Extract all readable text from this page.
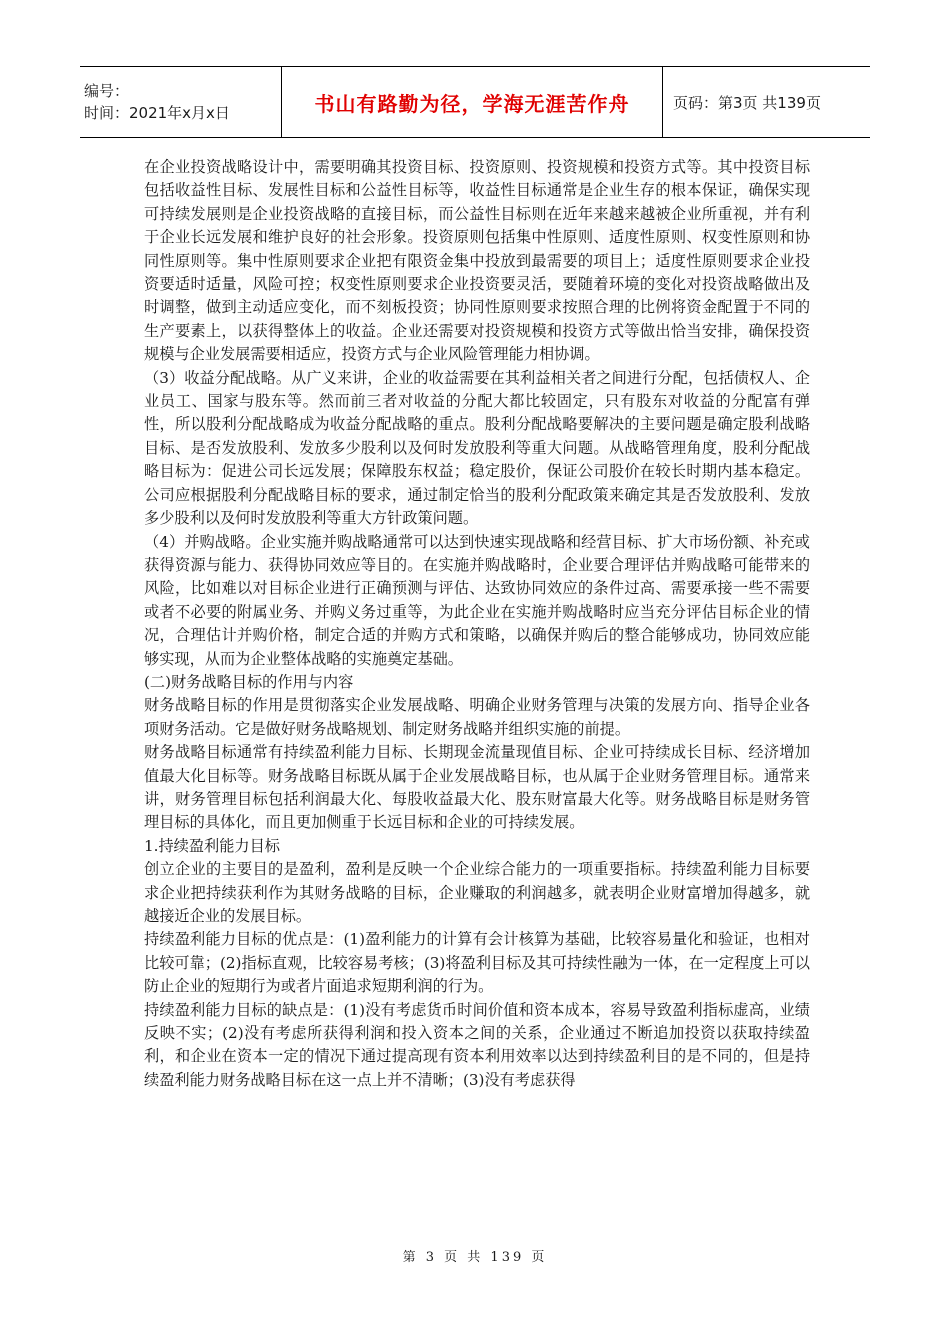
编号：
时间：2021年x月x日	书山有路勤为径，学海无涯苦作舟	页码：第3页 共139页

在企业投资战略设计中，需要明确其投资目标、投资原则、投资规模和投资方式等。其中投资目标包括收益性目标、发展性目标和公益性目标等，收益性目标通常是企业生存的根本保证，确保实现可持续发展则是企业投资战略的直接目标，而公益性目标则在近年来越来越被企业所重视，并有利于企业长远发展和维护良好的社会形象。投资原则包括集中性原则、适度性原则、权变性原则和协同性原则等。集中性原则要求企业把有限资金集中投放到最需要的项目上；适度性原则要求企业投资要适时适量，风险可控；权变性原则要求企业投资要灵活，要随着环境的变化对投资战略做出及时调整，做到主动适应变化，而不刻板投资；协同性原则要求按照合理的比例将资金配置于不同的生产要素上，以获得整体上的收益。企业还需要对投资规模和投资方式等做出恰当安排，确保投资规模与企业发展需要相适应，投资方式与企业风险管理能力相协调。

（3）收益分配战略。从广义来讲，企业的收益需要在其利益相关者之间进行分配，包括债权人、企业员工、国家与股东等。然而前三者对收益的分配大都比较固定，只有股东对收益的分配富有弹性，所以股利分配战略成为收益分配战略的重点。股利分配战略要解决的主要问题是确定股利战略目标、是否发放股利、发放多少股利以及何时发放股利等重大问题。从战略管理角度，股利分配战略目标为：促进公司长远发展；保障股东权益；稳定股价，保证公司股价在较长时期内基本稳定。公司应根据股利分配战略目标的要求，通过制定恰当的股利分配政策来确定其是否发放股利、发放多少股利以及何时发放股利等重大方针政策问题。

（4）并购战略。企业实施并购战略通常可以达到快速实现战略和经营目标、扩大市场份额、补充或获得资源与能力、获得协同效应等目的。在实施并购战略时，企业要合理评估并购战略可能带来的风险，比如难以对目标企业进行正确预测与评估、达致协同效应的条件过高、需要承接一些不需要或者不必要的附属业务、并购义务过重等，为此企业在实施并购战略时应当充分评估目标企业的情况，合理估计并购价格，制定合适的并购方式和策略，以确保并购后的整合能够成功，协同效应能够实现，从而为企业整体战略的实施奠定基础。

(二)财务战略目标的作用与内容

财务战略目标的作用是贯彻落实企业发展战略、明确企业财务管理与决策的发展方向、指导企业各项财务活动。它是做好财务战略规划、制定财务战略并组织实施的前提。

财务战略目标通常有持续盈利能力目标、长期现金流量现值目标、企业可持续成长目标、经济增加值最大化目标等。财务战略目标既从属于企业发展战略目标，也从属于企业财务管理目标。通常来讲，财务管理目标包括利润最大化、每股收益最大化、股东财富最大化等。财务战略目标是财务管理目标的具体化，而且更加侧重于长远目标和企业的可持续发展。

1.持续盈利能力目标

创立企业的主要目的是盈利，盈利是反映一个企业综合能力的一项重要指标。持续盈利能力目标要求企业把持续获利作为其财务战略的目标，企业赚取的利润越多，就表明企业财富增加得越多，就越接近企业的发展目标。

持续盈利能力目标的优点是：(1)盈利能力的计算有会计核算为基础，比较容易量化和验证，也相对比较可靠；(2)指标直观，比较容易考核；(3)将盈利目标及其可持续性融为一体，在一定程度上可以防止企业的短期行为或者片面追求短期利润的行为。

持续盈利能力目标的缺点是：(1)没有考虑货币时间价值和资本成本，容易导致盈利指标虚高，业绩反映不实；(2)没有考虑所获得利润和投入资本之间的关系，企业通过不断追加投资以获取持续盈利，和企业在资本一定的情况下通过提高现有资本利用效率以达到持续盈利目的是不同的，但是持续盈利能力财务战略目标在这一点上并不清晰；(3)没有考虑获得

第 3 页 共 139 页
